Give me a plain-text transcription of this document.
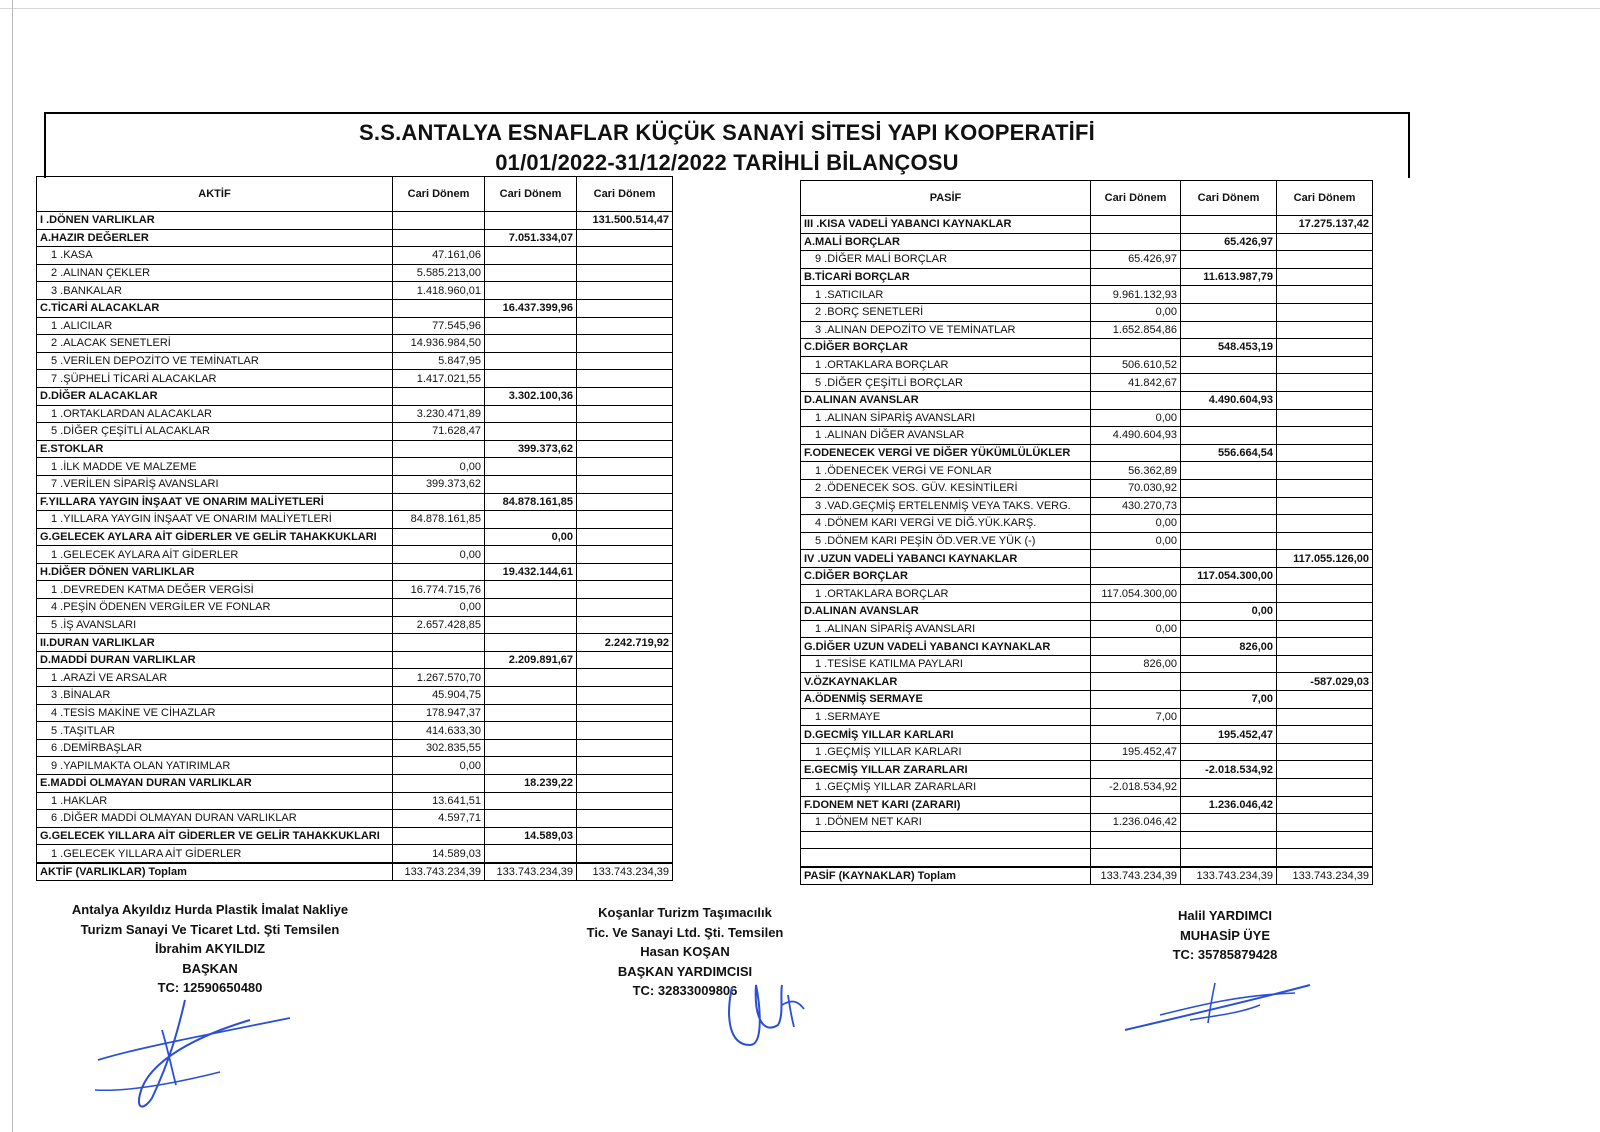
S.S.ANTALYA ESNAFLAR KÜÇÜK SANAYİ SİTESİ YAPI KOOPERATİFİ
01/01/2022-31/12/2022 TARİHLİ BİLANÇOSU
AKTİF	Cari Dönem	Cari Dönem	Cari Dönem
I .DÖNEN VARLIKLAR			131.500.514,47
A.HAZIR DEĞERLER		7.051.334,07	
1 .KASA	47.161,06		
2 .ALINAN ÇEKLER	5.585.213,00		
3 .BANKALAR	1.418.960,01		
C.TİCARİ ALACAKLAR		16.437.399,96	
1 .ALICILAR	77.545,96		
2 .ALACAK SENETLERİ	14.936.984,50		
5 .VERİLEN DEPOZİTO VE TEMİNATLAR	5.847,95		
7 .ŞÜPHELİ TİCARİ ALACAKLAR	1.417.021,55		
D.DİĞER ALACAKLAR		3.302.100,36	
1 .ORTAKLARDAN ALACAKLAR	3.230.471,89		
5 .DİĞER ÇEŞİTLİ ALACAKLAR	71.628,47		
E.STOKLAR		399.373,62	
1 .İLK MADDE VE MALZEME	0,00		
7 .VERİLEN SİPARİŞ AVANSLARI	399.373,62		
F.YILLARA YAYGIN İNŞAAT VE ONARIM MALİYETLERİ		84.878.161,85	
1 .YILLARA YAYGIN İNŞAAT VE ONARIM MALİYETLERİ	84.878.161,85		
G.GELECEK AYLARA AİT GİDERLER VE GELİR TAHAKKUKLARI		0,00	
1 .GELECEK AYLARA AİT GİDERLER	0,00		
H.DİĞER DÖNEN VARLIKLAR		19.432.144,61	
1 .DEVREDEN KATMA DEĞER VERGİSİ	16.774.715,76		
4 .PEŞİN ÖDENEN VERGİLER VE FONLAR	0,00		
5 .İŞ AVANSLARI	2.657.428,85		
II.DURAN VARLIKLAR			2.242.719,92
D.MADDİ DURAN VARLIKLAR		2.209.891,67	
1 .ARAZİ VE ARSALAR	1.267.570,70		
3 .BİNALAR	45.904,75		
4 .TESİS MAKİNE VE CİHAZLAR	178.947,37		
5 .TAŞITLAR	414.633,30		
6 .DEMİRBAŞLAR	302.835,55		
9 .YAPILMAKTA OLAN YATIRIMLAR	0,00		
E.MADDİ OLMAYAN DURAN VARLIKLAR		18.239,22	
1 .HAKLAR	13.641,51		
6 .DİĞER MADDİ OLMAYAN DURAN VARLIKLAR	4.597,71		
G.GELECEK YILLARA AİT GİDERLER VE GELİR TAHAKKUKLARI		14.589,03	
1 .GELECEK YILLARA AİT GİDERLER	14.589,03		
AKTİF (VARLIKLAR) Toplam	133.743.234,39	133.743.234,39	133.743.234,39
PASİF	Cari Dönem	Cari Dönem	Cari Dönem
III .KISA VADELİ YABANCI KAYNAKLAR			17.275.137,42
A.MALİ BORÇLAR		65.426,97	
9 .DİĞER MALİ BORÇLAR	65.426,97		
B.TİCARİ BORÇLAR		11.613.987,79	
1 .SATICILAR	9.961.132,93		
2 .BORÇ SENETLERİ	0,00		
3 .ALINAN DEPOZİTO VE TEMİNATLAR	1.652.854,86		
C.DİĞER BORÇLAR		548.453,19	
1 .ORTAKLARA BORÇLAR	506.610,52		
5 .DİĞER ÇEŞİTLİ BORÇLAR	41.842,67		
D.ALINAN AVANSLAR		4.490.604,93	
1 .ALINAN SİPARİŞ AVANSLARI	0,00		
1 .ALINAN DİĞER AVANSLAR	4.490.604,93		
F.ODENECEK VERGİ VE DİĞER YÜKÜMLÜLÜKLER		556.664,54	
1 .ÖDENECEK VERGİ VE FONLAR	56.362,89		
2 .ÖDENECEK SOS. GÜV. KESİNTİLERİ	70.030,92		
3 .VAD.GEÇMİŞ ERTELENMİŞ VEYA TAKS. VERG.	430.270,73		
4 .DÖNEM KARI VERGİ VE DİĞ.YÜK.KARŞ.	0,00		
5 .DÖNEM KARI PEŞİN ÖD.VER.VE YÜK (-)	0,00		
IV .UZUN VADELİ YABANCI KAYNAKLAR			117.055.126,00
C.DİĞER BORÇLAR		117.054.300,00	
1 .ORTAKLARA BORÇLAR	117.054.300,00		
D.ALINAN AVANSLAR		0,00	
1 .ALINAN SİPARİŞ AVANSLARI	0,00		
G.DİĞER UZUN VADELİ YABANCI KAYNAKLAR		826,00	
1 .TESİSE KATILMA PAYLARI	826,00		
V.ÖZKAYNAKLAR			-587.029,03
A.ÖDENMİŞ SERMAYE		7,00	
1 .SERMAYE	7,00		
D.GECMİŞ YILLAR KARLARI		195.452,47	
1 .GEÇMİŞ YILLAR KARLARI	195.452,47		
E.GECMİŞ YILLAR ZARARLARI		-2.018.534,92	
1 .GEÇMİŞ YILLAR ZARARLARI	-2.018.534,92		
F.DONEM NET KARI (ZARARI)		1.236.046,42	
1 .DÖNEM NET KARI	1.236.046,42		

PASİF (KAYNAKLAR) Toplam	133.743.234,39	133.743.234,39	133.743.234,39
Antalya Akyıldız Hurda Plastik İmalat Nakliye
Turizm Sanayi Ve Ticaret Ltd. Şti Temsilen
İbrahim AKYILDIZ
BAŞKAN
TC: 12590650480
Koşanlar Turizm Taşımacılık
Tic. Ve Sanayi Ltd. Şti. Temsilen
Hasan KOŞAN
BAŞKAN YARDIMCISI
TC: 32833009806
Halil YARDIMCI
MUHASİP ÜYE
TC: 35785879428
